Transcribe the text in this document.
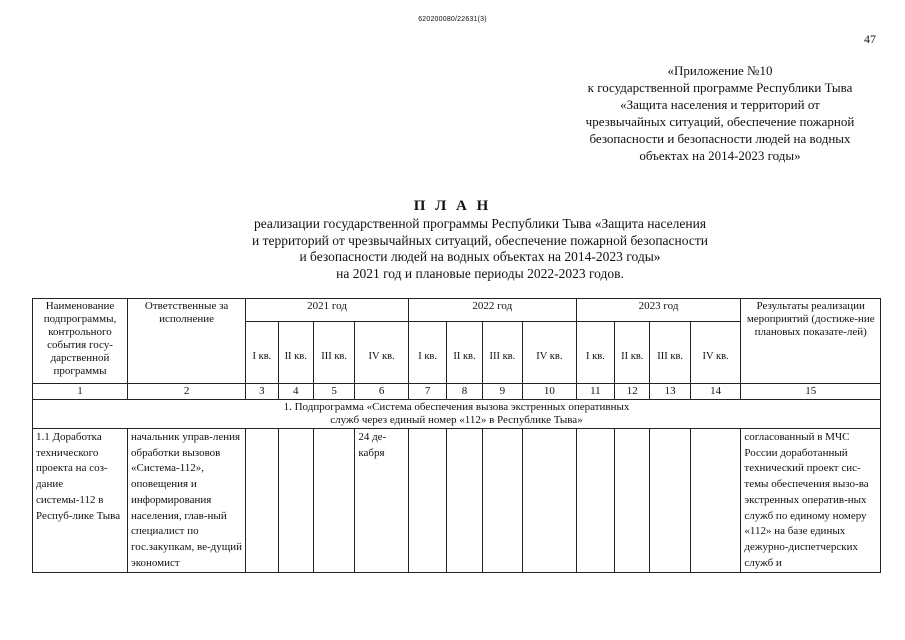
620200080/22631(3)
47
«Приложение №10
к государственной программе Республики Тыва
«Защита населения и территорий от
чрезвычайных ситуаций, обеспечение пожарной
безопасности и безопасности людей на водных
объектах на 2014-2023 годы»
П Л А Н
реализации государственной программы Республики Тыва «Защита населения
и территорий от чрезвычайных ситуаций, обеспечение пожарной безопасности
и безопасности людей на водных объектах на 2014-2023 годы»
на 2021 год и плановые периоды 2022-2023 годов.
Наименование подпрограммы, контрольного события госу-дарственной программы	Ответственные за исполнение	2021 год				2022 год				2023 год				Результаты реализации мероприятий (достиже-ние плановых показате-лей)
		I кв.	II кв.	III кв.	IV кв.	I кв.	II кв.	III кв.	IV кв.	I кв.	II кв.	III кв.	IV кв.	
1	2	3	4	5	6	7	8	9	10	11	12	13	14	15

1. Подпрограмма «Система обеспечения вызова экстренных оперативных
служб через единый номер «112» в Республике Тыва»														

1.1 Доработка технического проекта на соз-дание системы-112 в Респуб-лике Тыва	начальник управ-ления обработки вызовов «Система-112», оповещения и информирования населения, глав-ный специалист по гос.закупкам, ве-дущий экономист				24 де-кабря									согласованный в МЧС России доработанный технический проект сис-темы обеспечения вызо-ва экстренных оператив-ных служб по единому номеру «112» на базе единых дежурно-диспетчерских служб и
